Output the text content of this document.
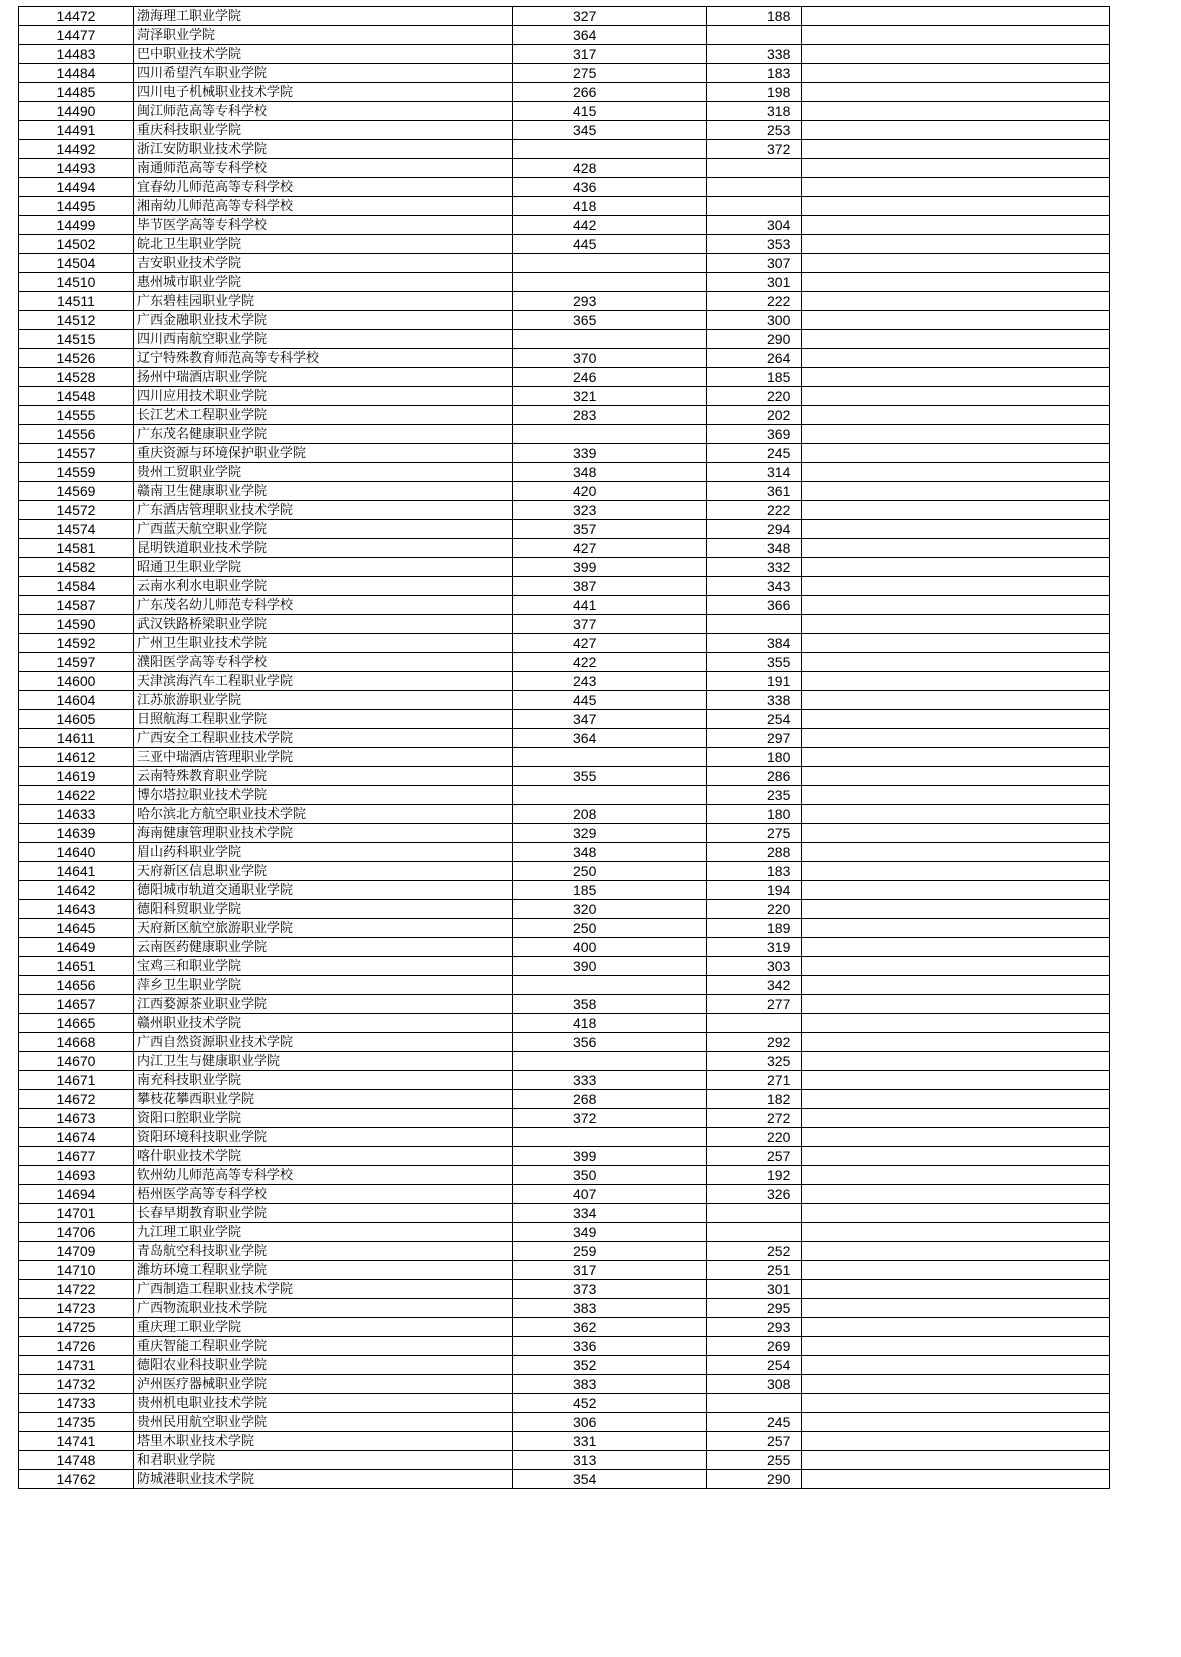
14472	渤海理工职业学院	327	188	
14477	菏泽职业学院	364		
14483	巴中职业技术学院	317	338	
14484	四川希望汽车职业学院	275	183	
14485	四川电子机械职业技术学院	266	198	
14490	闽江师范高等专科学校	415	318	
14491	重庆科技职业学院	345	253	
14492	浙江安防职业技术学院		372	
14493	南通师范高等专科学校	428		
14494	宜春幼儿师范高等专科学校	436		
14495	湘南幼儿师范高等专科学校	418		
14499	毕节医学高等专科学校	442	304	
14502	皖北卫生职业学院	445	353	
14504	吉安职业技术学院		307	
14510	惠州城市职业学院		301	
14511	广东碧桂园职业学院	293	222	
14512	广西金融职业技术学院	365	300	
14515	四川西南航空职业学院		290	
14526	辽宁特殊教育师范高等专科学校	370	264	
14528	扬州中瑞酒店职业学院	246	185	
14548	四川应用技术职业学院	321	220	
14555	长江艺术工程职业学院	283	202	
14556	广东茂名健康职业学院		369	
14557	重庆资源与环境保护职业学院	339	245	
14559	贵州工贸职业学院	348	314	
14569	赣南卫生健康职业学院	420	361	
14572	广东酒店管理职业技术学院	323	222	
14574	广西蓝天航空职业学院	357	294	
14581	昆明铁道职业技术学院	427	348	
14582	昭通卫生职业学院	399	332	
14584	云南水利水电职业学院	387	343	
14587	广东茂名幼儿师范专科学校	441	366	
14590	武汉铁路桥梁职业学院	377		
14592	广州卫生职业技术学院	427	384	
14597	濮阳医学高等专科学校	422	355	
14600	天津滨海汽车工程职业学院	243	191	
14604	江苏旅游职业学院	445	338	
14605	日照航海工程职业学院	347	254	
14611	广西安全工程职业技术学院	364	297	
14612	三亚中瑞酒店管理职业学院		180	
14619	云南特殊教育职业学院	355	286	
14622	博尔塔拉职业技术学院		235	
14633	哈尔滨北方航空职业技术学院	208	180	
14639	海南健康管理职业技术学院	329	275	
14640	眉山药科职业学院	348	288	
14641	天府新区信息职业学院	250	183	
14642	德阳城市轨道交通职业学院	185	194	
14643	德阳科贸职业学院	320	220	
14645	天府新区航空旅游职业学院	250	189	
14649	云南医药健康职业学院	400	319	
14651	宝鸡三和职业学院	390	303	
14656	萍乡卫生职业学院		342	
14657	江西婺源茶业职业学院	358	277	
14665	赣州职业技术学院	418		
14668	广西自然资源职业技术学院	356	292	
14670	内江卫生与健康职业学院		325	
14671	南充科技职业学院	333	271	
14672	攀枝花攀西职业学院	268	182	
14673	资阳口腔职业学院	372	272	
14674	资阳环境科技职业学院		220	
14677	喀什职业技术学院	399	257	
14693	钦州幼儿师范高等专科学校	350	192	
14694	梧州医学高等专科学校	407	326	
14701	长春早期教育职业学院	334		
14706	九江理工职业学院	349		
14709	青岛航空科技职业学院	259	252	
14710	潍坊环境工程职业学院	317	251	
14722	广西制造工程职业技术学院	373	301	
14723	广西物流职业技术学院	383	295	
14725	重庆理工职业学院	362	293	
14726	重庆智能工程职业学院	336	269	
14731	德阳农业科技职业学院	352	254	
14732	泸州医疗器械职业学院	383	308	
14733	贵州机电职业技术学院	452		
14735	贵州民用航空职业学院	306	245	
14741	塔里木职业技术学院	331	257	
14748	和君职业学院	313	255	
14762	防城港职业技术学院	354	290	
